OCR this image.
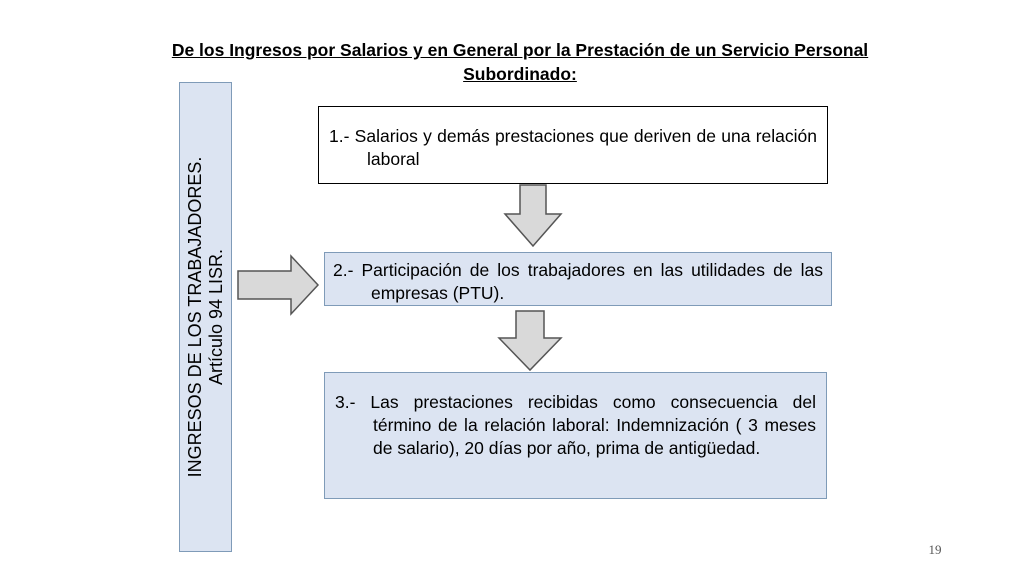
De los Ingresos por Salarios y en General por la Prestación de un Servicio Personal Subordinado:
INGRESOS DE LOS TRABAJADORES. Artículo 94 LISR.
1.- Salarios y demás prestaciones que deriven de una relación laboral
2.- Participación de los trabajadores en las utilidades de las empresas (PTU).
3.- Las prestaciones recibidas como consecuencia del término de la relación laboral: Indemnización ( 3 meses de salario), 20 días por año, prima de antigüedad.
19
